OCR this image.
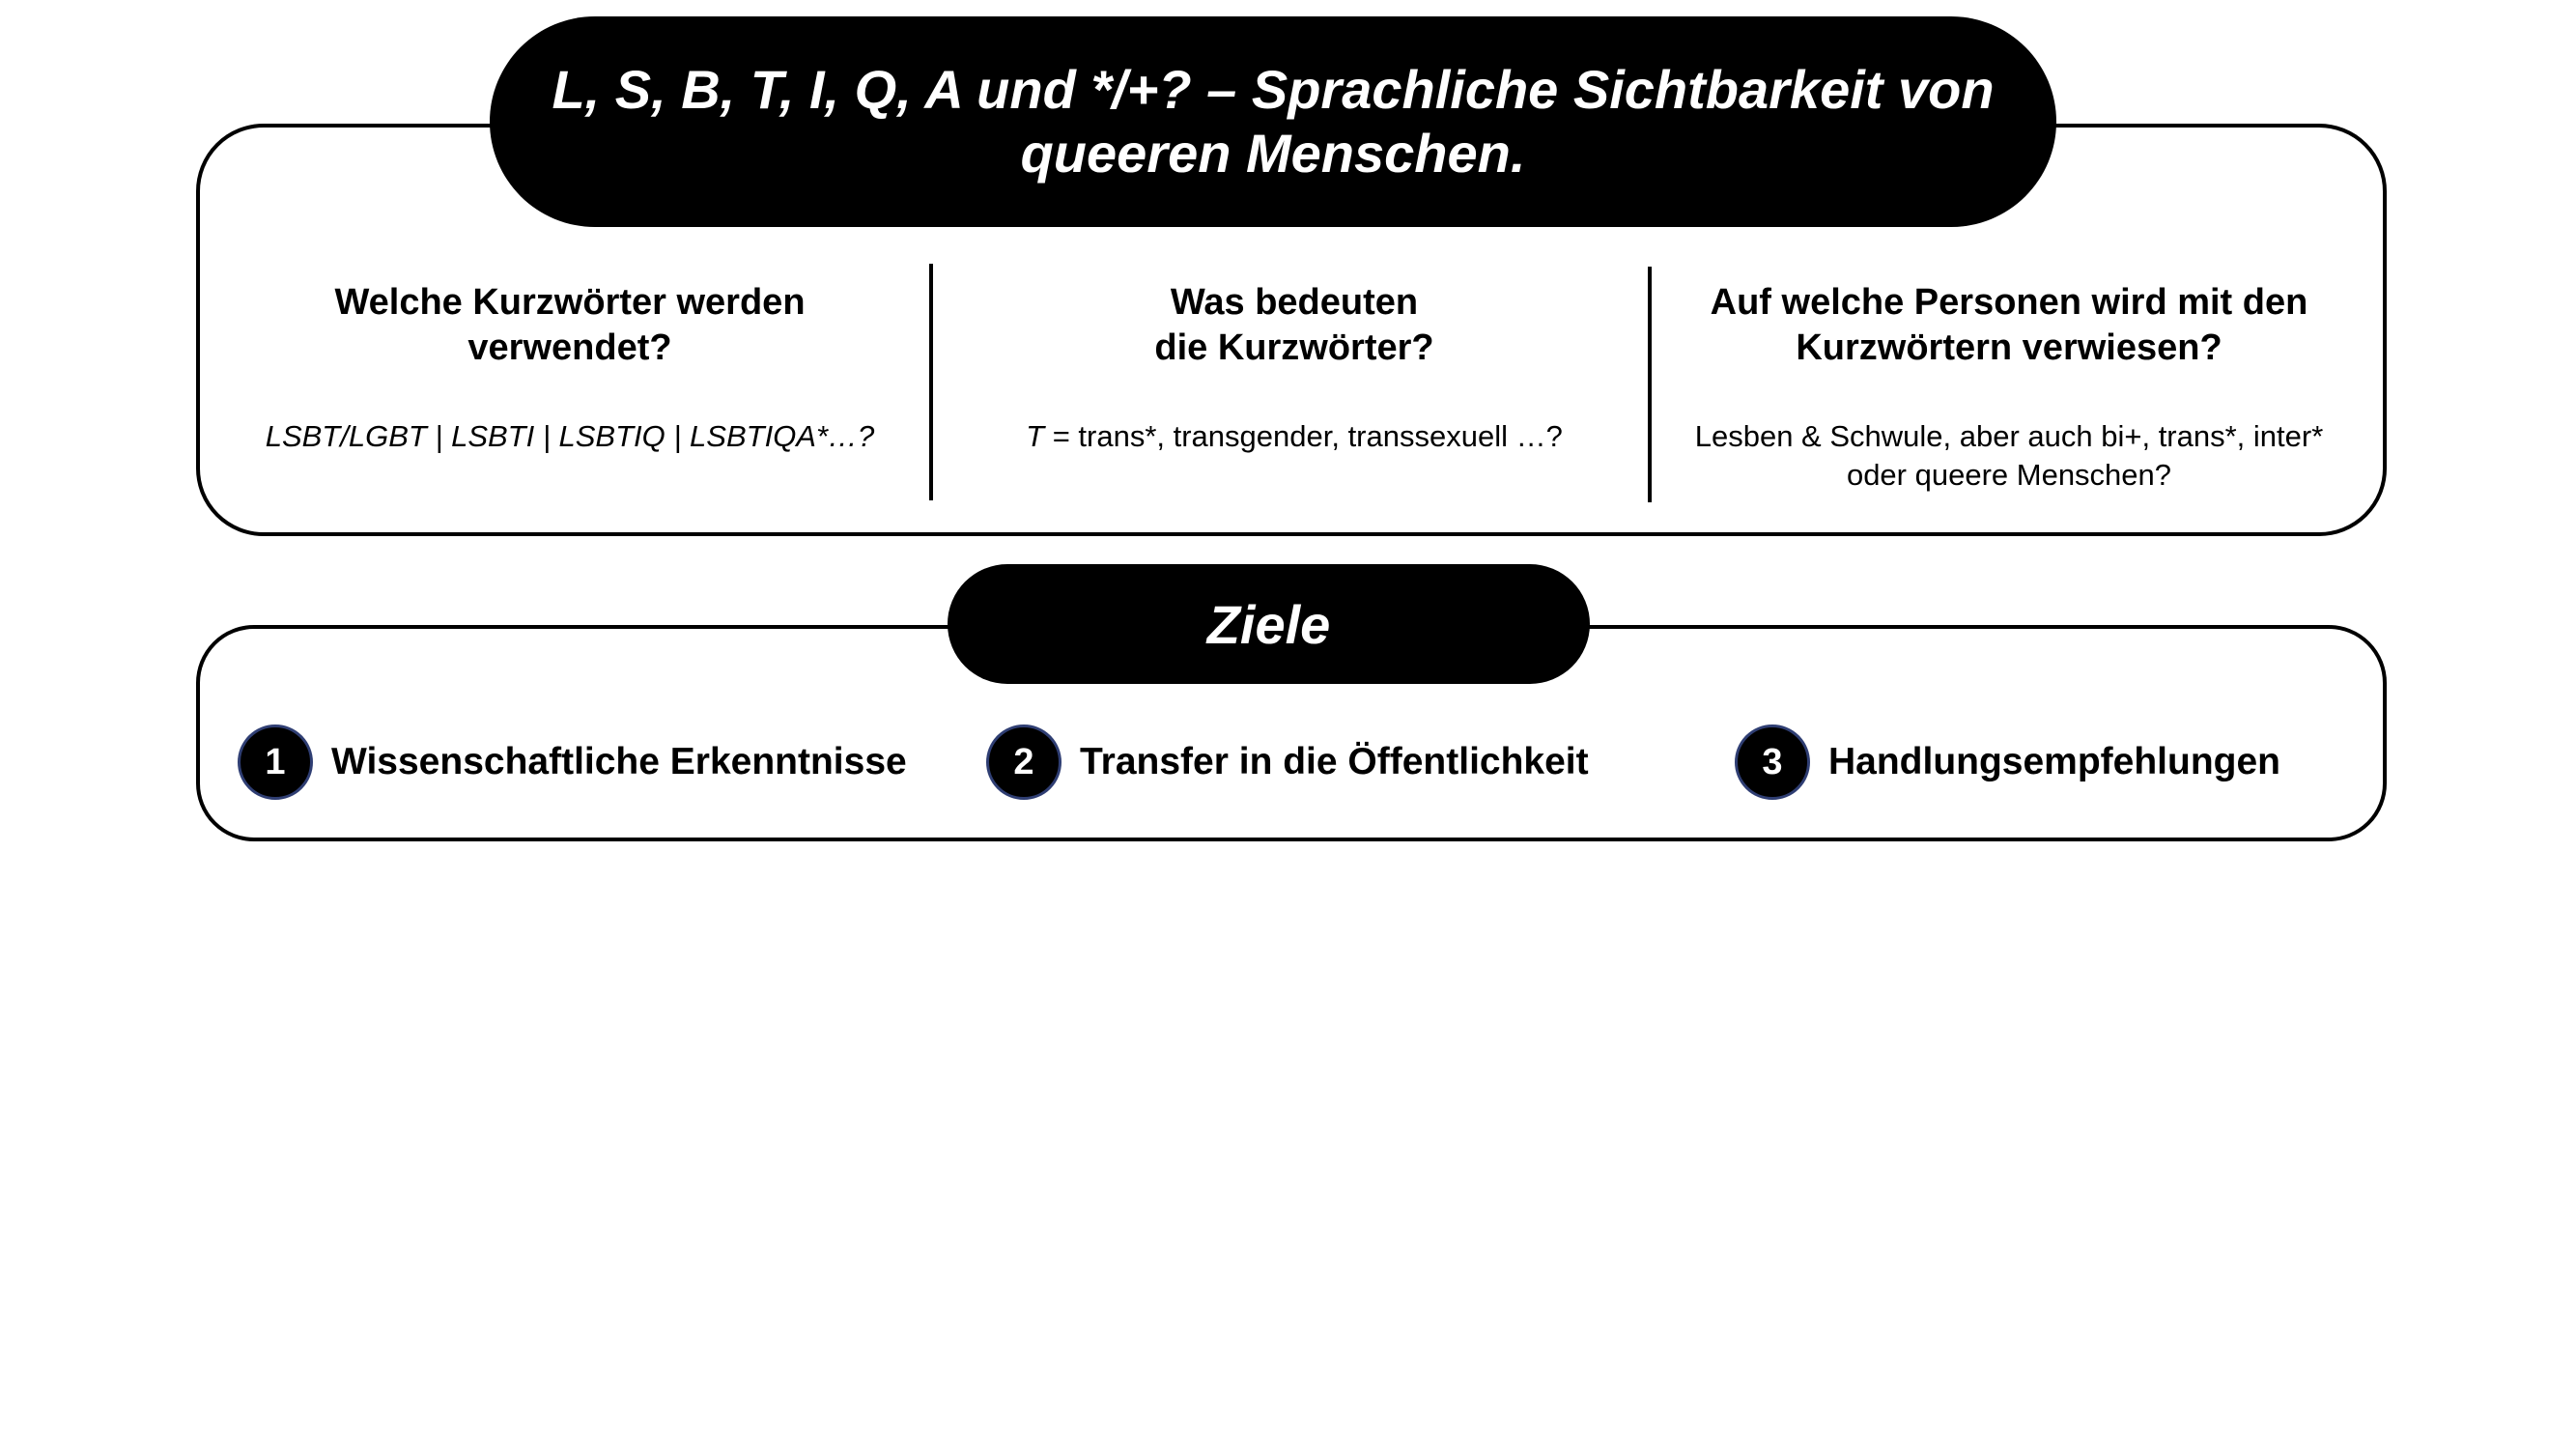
L, S, B, T, I, Q, A und */+? – Sprachliche Sichtbarkeit von queeren Menschen.

Welche Kurzwörter werden verwendet?

LSBT/LGBT | LSBTI | LSBTIQ | LSBTIQA*…?

Was bedeuten
die Kurzwörter?

T = trans*, transgender, transsexuell …?

Auf welche Personen wird mit den Kurzwörtern verwiesen?

Lesben & Schwule, aber auch bi+, trans*, inter* oder queere Menschen?
Ziele
1	Wissenschaftliche Erkenntnisse	2	Transfer in die Öffentlichkeit	3	Handlungsempfehlungen
